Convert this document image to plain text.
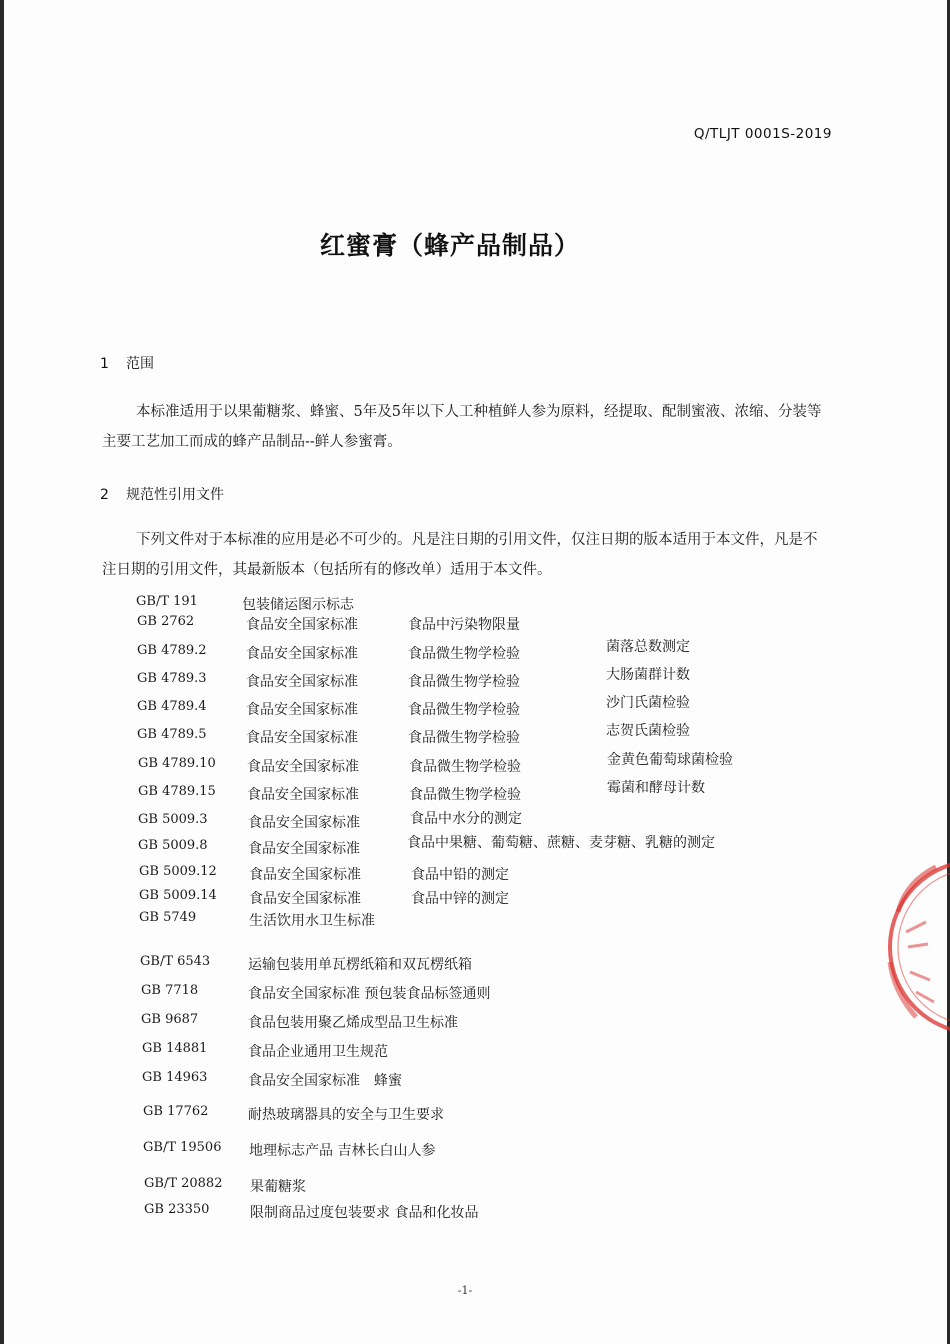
Q/TLJT 0001S-2019
红蜜膏（蜂产品制品）
1 范围
本标准适用于以果葡糖浆、蜂蜜、5年及5年以下人工种植鲜人参为原料，经提取、配制蜜液、浓缩、分装等主要工艺加工而成的蜂产品制品--鲜人参蜜膏。
2 规范性引用文件
下列文件对于本标准的应用是必不可少的。凡是注日期的引用文件，仅注日期的版本适用于本文件，凡是不注日期的引用文件，其最新版本（包括所有的修改单）适用于本文件。
GB/T 191	包装储运图示标志
GB 2762	食品安全国家标准	食品中污染物限量
GB 4789.2	食品安全国家标准	食品微生物学检验	菌落总数测定
GB 4789.3	食品安全国家标准	食品微生物学检验	大肠菌群计数
GB 4789.4	食品安全国家标准	食品微生物学检验	沙门氏菌检验
GB 4789.5	食品安全国家标准	食品微生物学检验	志贺氏菌检验
GB 4789.10 食品安全国家标准	食品微生物学检验	金黄色葡萄球菌检验
GB 4789.15 食品安全国家标准	食品微生物学检验	霉菌和酵母计数
GB 5009.3	食品安全国家标准	食品中水分的测定
GB 5009.8	食品安全国家标准	食品中果糖、葡萄糖、蔗糖、麦芽糖、乳糖的测定
GB 5009.12 食品安全国家标准	食品中铅的测定
GB 5009.14 食品安全国家标准	食品中锌的测定
GB 5749	生活饮用水卫生标准
GB/T 6543	运输包装用单瓦楞纸箱和双瓦楞纸箱
GB 7718	食品安全国家标准 预包装食品标签通则
GB 9687	食品包装用聚乙烯成型品卫生标准
GB 14881	食品企业通用卫生规范
GB 14963	食品安全国家标准　蜂蜜
GB 17762	耐热玻璃器具的安全与卫生要求
GB/T 19506 地理标志产品 吉林长白山人参
GB/T 20882 果葡糖浆
GB 23350	限制商品过度包装要求 食品和化妆品
-1-
